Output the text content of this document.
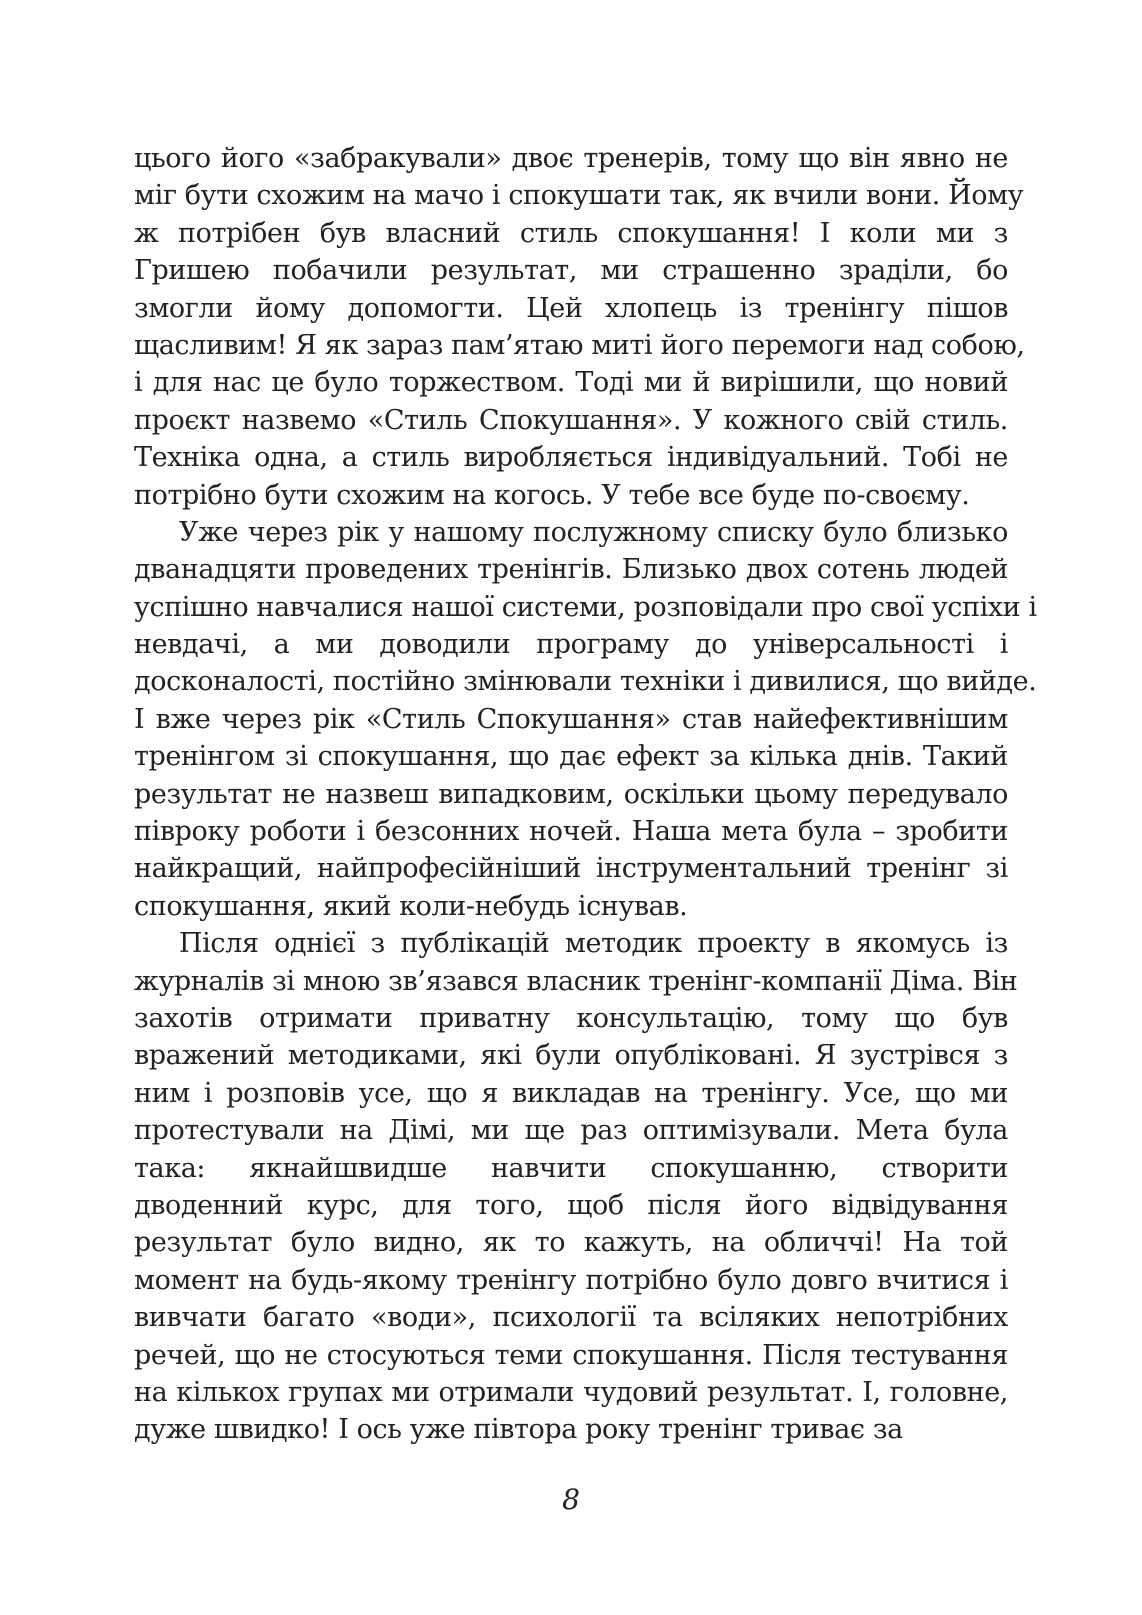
цього його «забракували» двоє тренерів, тому що він явно не
міг бути схожим на мачо і спокушати так, як вчили вони. Йому
ж потрібен був власний стиль спокушання! І коли ми з
Гришею побачили результат, ми страшенно зраділи, бо
змогли йому допомогти. Цей хлопець із тренінгу пішов
щасливим! Я як зараз пам’ятаю миті його перемоги над собою,
і для нас це було торжеством. Тоді ми й вирішили, що новий
проєкт назвемо «Стиль Спокушання». У кожного свій стиль.
Техніка одна, а стиль виробляється індивідуальний. Тобі не
потрібно бути схожим на когось. У тебе все буде по-своєму.
Уже через рік у нашому послужному списку було близько
дванадцяти проведених тренінгів. Близько двох сотень людей
успішно навчалися нашої системи, розповідали про свої успіхи і
невдачі, а ми доводили програму до універсальності і
досконалості, постійно змінювали техніки і дивилися, що вийде.
І вже через рік «Стиль Спокушання» став найефективнішим
тренінгом зі спокушання, що дає ефект за кілька днів. Такий
результат не назвеш випадковим, оскільки цьому передувало
півроку роботи і безсонних ночей. Наша мета була – зробити
найкращий, найпрофесійніший інструментальний тренінг зі
спокушання, який коли-небудь існував.
Після однієї з публікацій методик проекту в якомусь із
журналів зі мною зв’язався власник тренінг-компанії Діма. Він
захотів отримати приватну консультацію, тому що був
вражений методиками, які були опубліковані. Я зустрівся з
ним і розповів усе, що я викладав на тренінгу. Усе, що ми
протестували на Дімі, ми ще раз оптимізували. Мета була
така: якнайшвидше навчити спокушанню, створити
дводенний курс, для того, щоб після його відвідування
результат було видно, як то кажуть, на обличчі! На той
момент на будь-якому тренінгу потрібно було довго вчитися і
вивчати багато «води», психології та всіляких непотрібних
речей, що не стосуються теми спокушання. Після тестування
на кількох групах ми отримали чудовий результат. І, головне,
дуже швидко! І ось уже півтора року тренінг триває за
8
